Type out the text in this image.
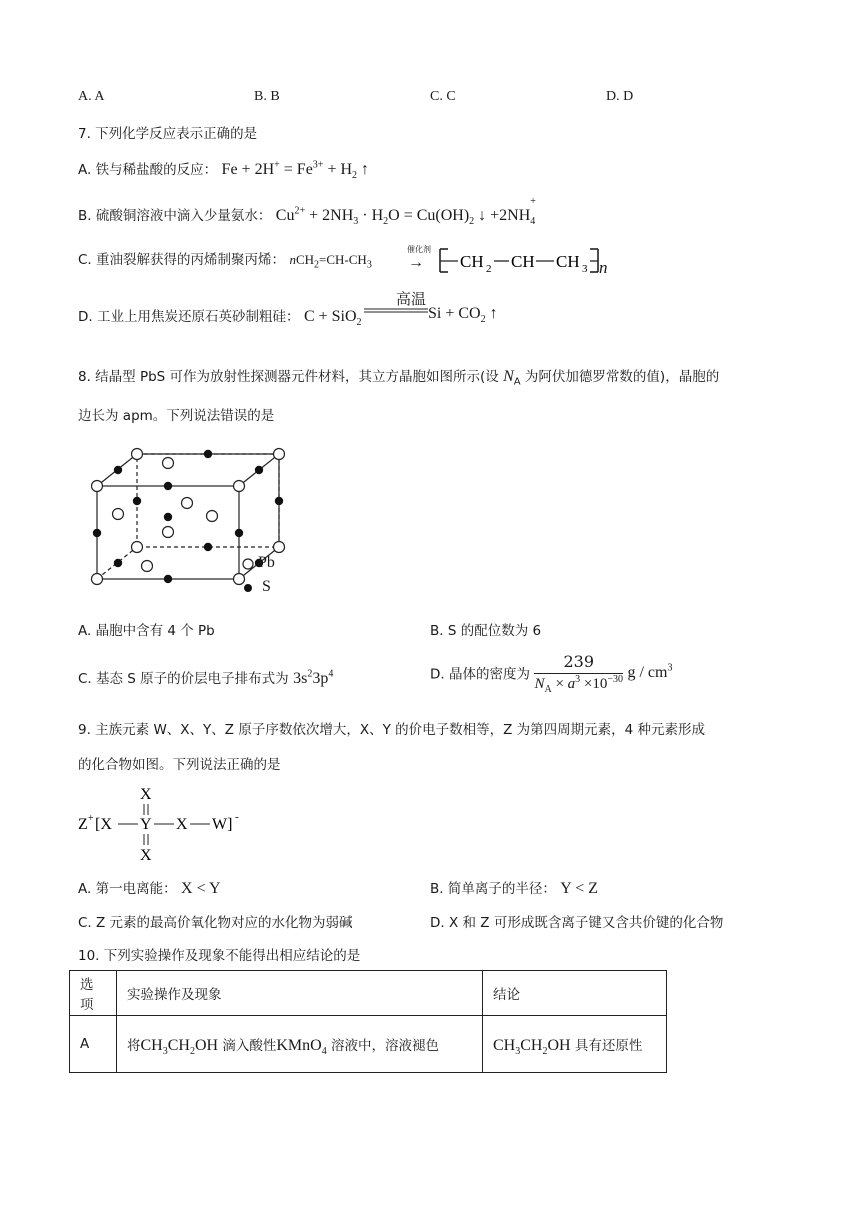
A. A	B. B	C. C	D. D
7. 下列化学反应表示正确的是
A. 铁与稀盐酸的反应： $Fe + 2H^+ = Fe^{3+} + H_2$ ↑
B. 硫酸铜溶液中滴入少量氨水： $Cu^{2+} + 2NH_3 \cdot H_2O = Cu(OH)_2$ ↓ +2NH
$_{+ 4}$
C. 重油裂解获得的丙烯制聚丙烯： $nCH_2=CH-CH_3$
催化剂
→ CH 2 CH CH 3 n
D. 工业上用焦炭还原石英砂制粗硅： C + SiO$_2$
高温
$Si + CO_2$ ↑
8. 结晶型 PbS 可作为放射性探测器元件材料，其立方晶胞如图所示(设 $N_A$ 为阿伏加德罗常数的值)，晶胞的
边长为 apm。下列说法错误的是
Pb
S
A. 晶胞中含有 4 个 Pb	B. S 的配位数为 6
C. 基态 S 原子的价层电子排布式为 $3s^23p^4$	D. 晶体的密度为 $\frac{239}{N_A \times a^3 \times 10^{-30}}$ g / $cm^3$
9. 主族元素 W、X、Y、Z 原子序数依次增大，X、Y 的价电子数相等，Z 为第四周期元素，4 种元素形成
的化合物如图。下列说法正确的是
X
Z + [X Y X W] -
X
A. 第一电离能： X < Y	B. 简单离子的半径： Y < Z
C. Z 元素的最高价氧化物对应的水化物为弱碱	D. X 和 Z 可形成既含离子键又含共价键的化合物
10. 下列实验操作及现象不能得出相应结论的是
选项	实验操作及现象	结论
A	将$CH_3CH_2OH$ 滴入酸性KMnO$_4$ 溶液中，溶液褪色	$CH_3CH_2OH$ 具有还原性
